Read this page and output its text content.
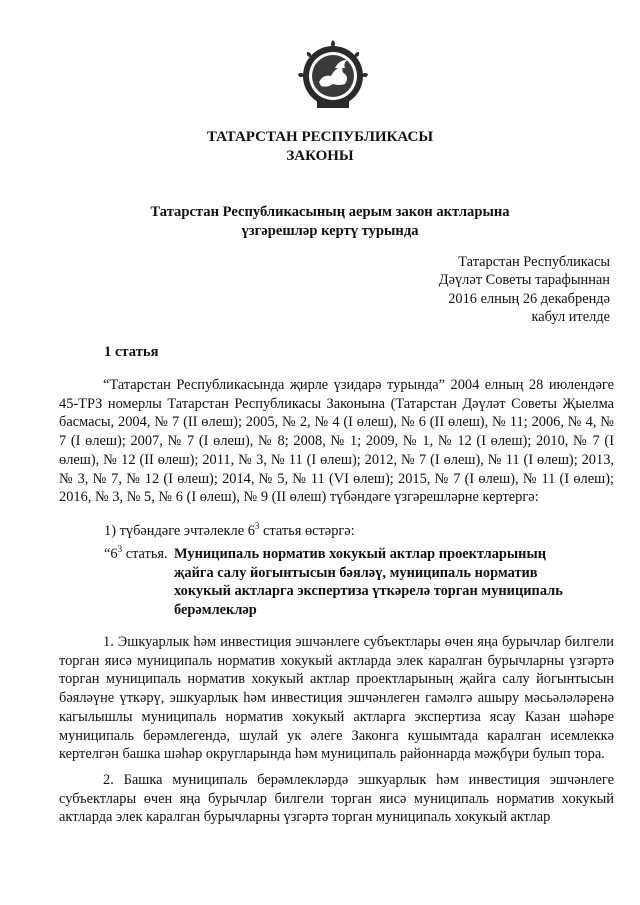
ТАТАРСТАН РЕСПУБЛИКАСЫ
ЗАКОНЫ
Татарстан Республикасының аерым закон актларына
үзгәрешләр кертү турында
Татарстан Республикасы
Дәүләт Советы тарафыннан
2016 елның 26 декабрендә
кабул ителде
1 статья
“Татарстан Республикасында җирле үзидарә турында” 2004 елның 28 июлендәге 45-ТРЗ номерлы Татарстан Республикасы Законына (Татарстан Дәүләт Советы Җыелма басмасы, 2004, № 7 (II өлеш); 2005, № 2, № 4 (I өлеш), № 6 (II өлеш), № 11; 2006, № 4, № 7 (I өлеш); 2007, № 7 (I өлеш), № 8; 2008, № 1; 2009, № 1, № 12 (I өлеш); 2010, № 7 (I өлеш), № 12 (II өлеш); 2011, № 3, № 11 (I өлеш); 2012, № 7 (I өлеш), № 11 (I өлеш); 2013, № 3, № 7, № 12 (I өлеш); 2014, № 5, № 11 (VI өлеш); 2015, № 7 (I өлеш), № 11 (I өлеш); 2016, № 3, № 5, № 6 (I өлеш), № 9 (II өлеш) түбәндәге үзгәрешләрне кертергә:
1) түбәндәге эчтәлекле $6^3$ статья өстәргә:
“$6^3$ статья. Муниципаль норматив хокукый актлар проектларының җайга салу йогынтысын бәяләү, муниципаль норматив хокукый актларга экспертиза үткәрелә торган муниципаль берәмлекләр

1. Эшкуарлык һәм инвестиция эшчәнлеге субъектлары өчен яңа бурычлар билгели торган яисә муниципаль норматив хокукый актларда элек каралган бурычларны үзгәртә торган муниципаль норматив хокукый актлар проектларының җайга салу йогынтысын бәяләүне үткәрү, эшкуарлык һәм инвестиция эшчәнлеген гамәлгә ашыру мәсьәләләренә кагылышлы муниципаль норматив хокукый актларга экспертиза ясау Казан шәһәре муниципаль берәмлегендә, шулай ук әлеге Законга кушымтада каралган исемлеккә кертелгән башка шәһәр округларында һәм муниципаль районнарда мәҗбүри булып тора.

2. Башка муниципаль берәмлекләрдә эшкуарлык һәм инвестиция эшчәнлеге субъектлары өчен яңа бурычлар билгели торган яисә муниципаль норматив хокукый актларда элек каралган бурычларны үзгәртә торган муниципаль хокукый актлар
